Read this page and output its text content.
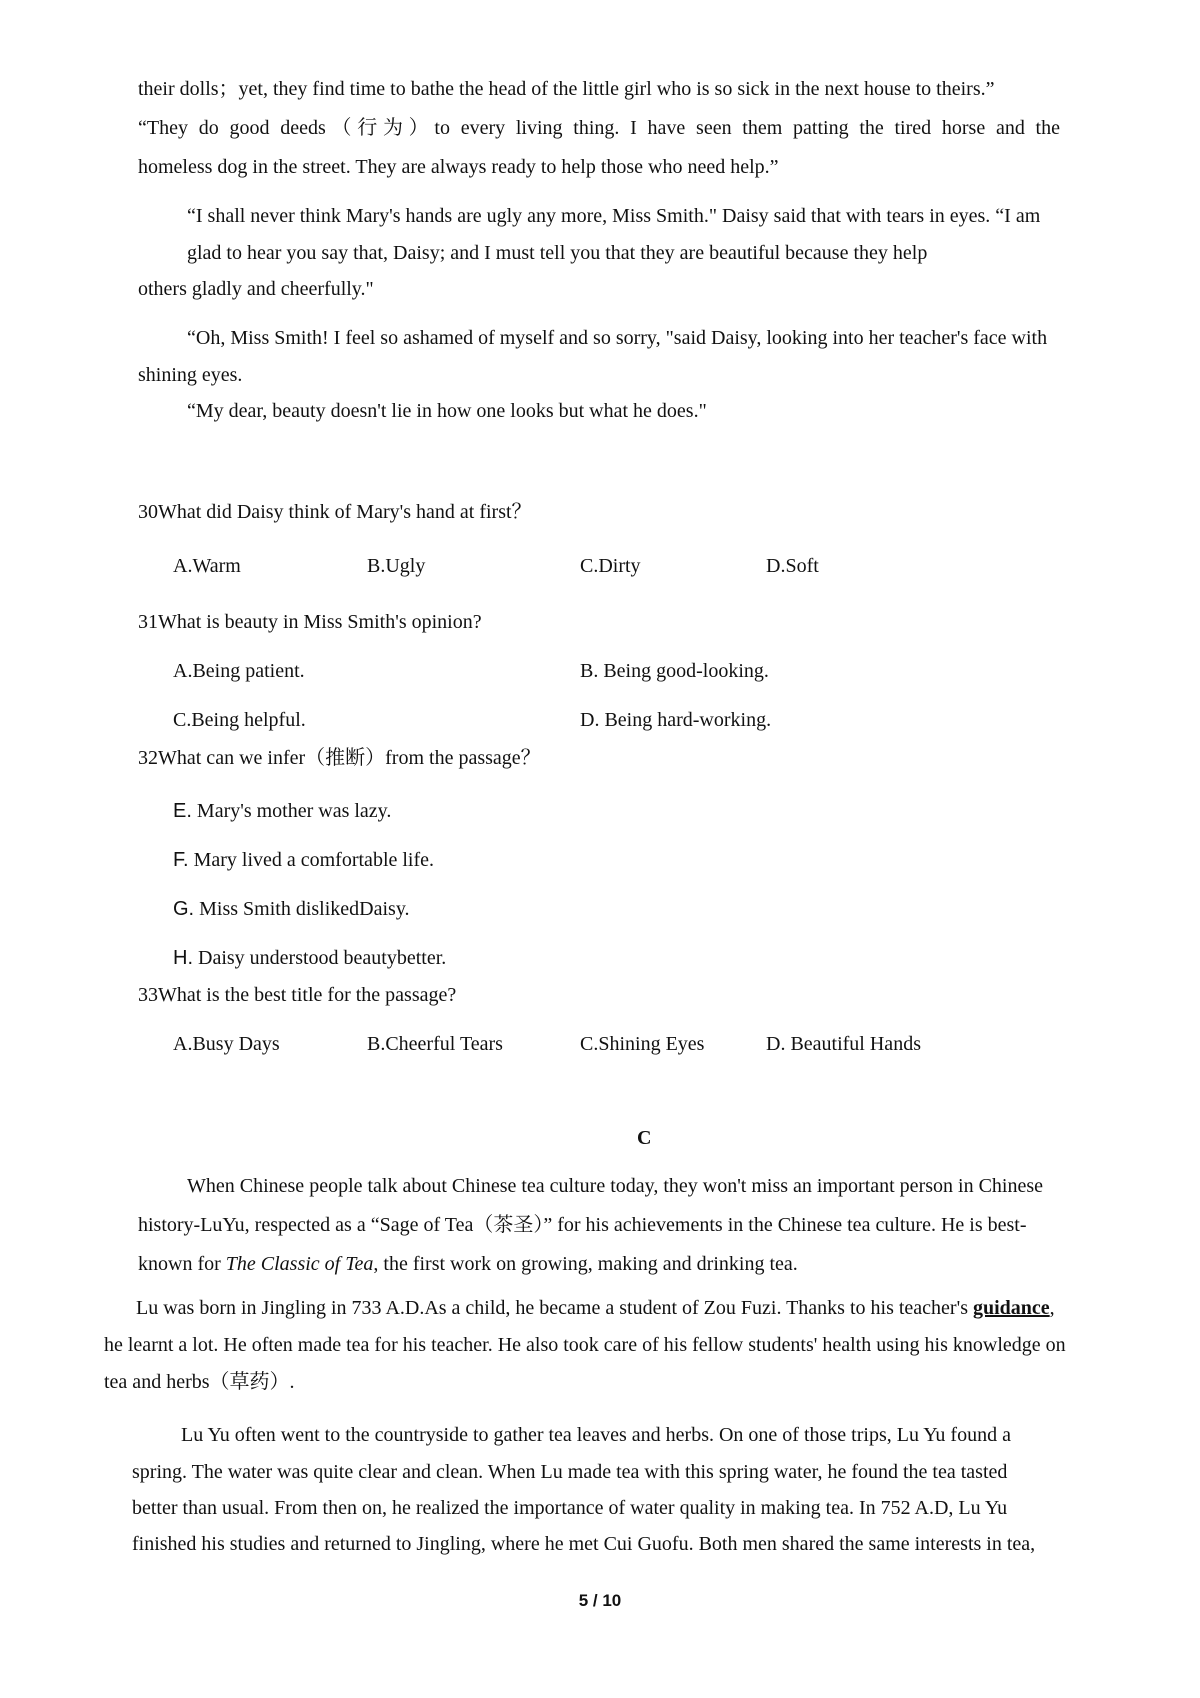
their dolls；yet, they find time to bathe the head of the little girl who is so sick in the next house to theirs.”
“They do good deeds（行为）to every living thing. I have seen them patting the tired horse and the
homeless dog in the street. They are always ready to help those who need help.”
“I shall never think Mary's hands are ugly any more, Miss Smith." Daisy said that with tears in eyes. “I am
glad to hear you say that, Daisy; and I must tell you that they are beautiful because they help
others gladly and cheerfully."
“Oh, Miss Smith! I feel so ashamed of myself and so sorry, "said Daisy, looking into her teacher's face with
shining eyes.
“My dear, beauty doesn't lie in how one looks but what he does."
30What did Daisy think of Mary's hand at first？
A.Warm	B.Ugly	C.Dirty	D.Soft
31What is beauty in Miss Smith's opinion?
A.Being patient.	B. Being good-looking.
C.Being helpful.	D. Being hard-working.
32What can we infer（推断）from the passage？
E. Mary's mother was lazy.
F. Mary lived a comfortable life.
G. Miss Smith dislikedDaisy.
H. Daisy understood beautybetter.
33What is the best title for the passage?
A.Busy Days	B.Cheerful Tears	C.Shining Eyes	D. Beautiful Hands
C
When Chinese people talk about Chinese tea culture today, they won't miss an important person in Chinese
history-LuYu, respected as a “Sage of Tea（茶圣）” for his achievements in the Chinese tea culture. He is best-
known for The Classic of Tea, the first work on growing, making and drinking tea.
Lu was born in Jingling in 733 A.D.As a child, he became a student of Zou Fuzi. Thanks to his teacher's guidance,
he learnt a lot. He often made tea for his teacher. He also took care of his fellow students' health using his knowledge on
tea and herbs（草药）.
Lu Yu often went to the countryside to gather tea leaves and herbs. On one of those trips, Lu Yu found a
spring. The water was quite clear and clean. When Lu made tea with this spring water, he found the tea tasted
better than usual. From then on, he realized the importance of water quality in making tea. In 752 A.D, Lu Yu
finished his studies and returned to Jingling, where he met Cui Guofu. Both men shared the same interests in tea,
5 / 10
